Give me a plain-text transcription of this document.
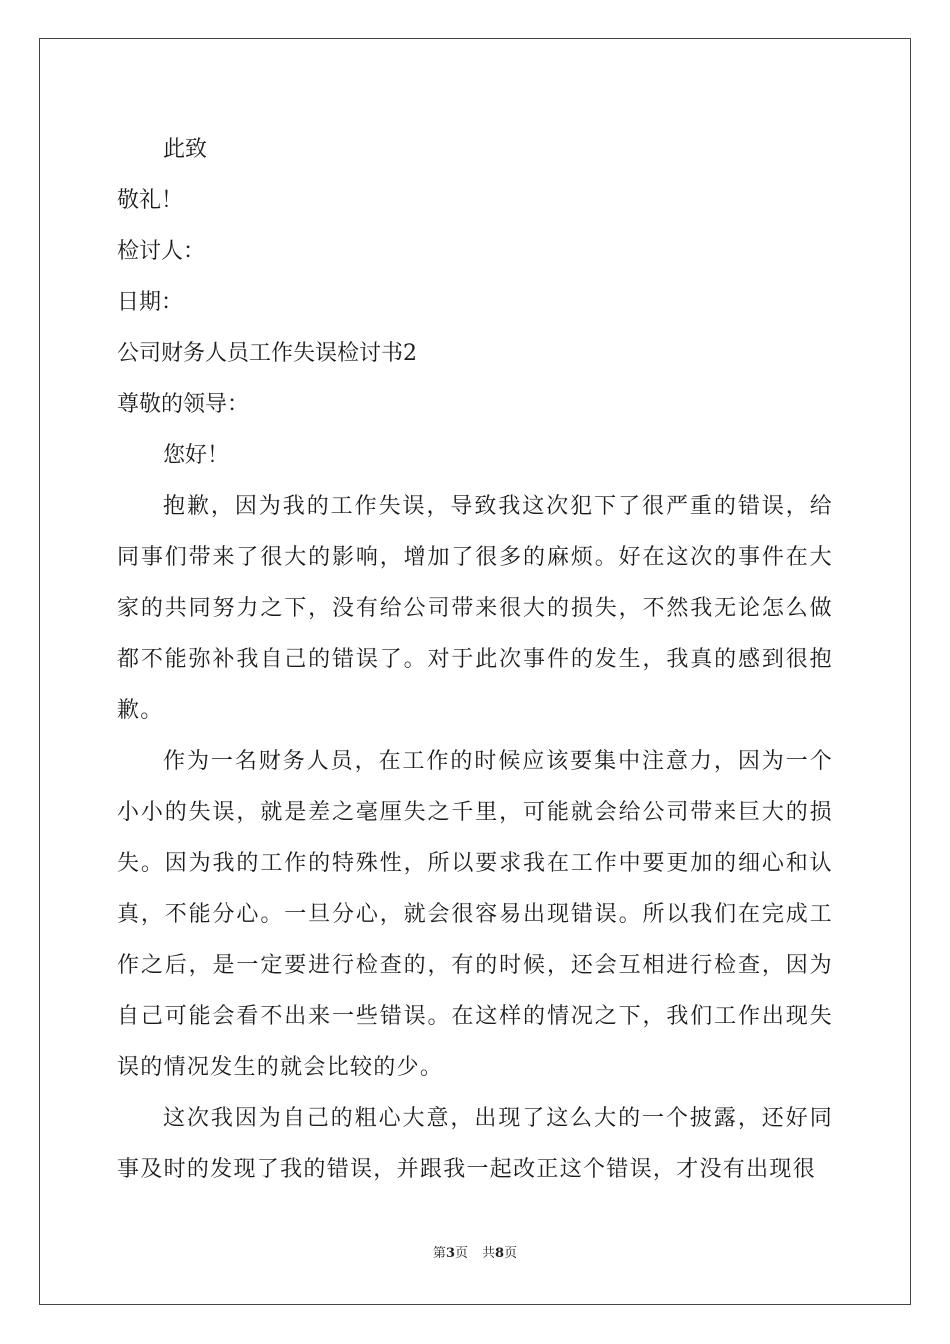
此致

敬礼！

检讨人：

日期：

公司财务人员工作失误检讨书2

尊敬的领导：

您好！

抱歉，因为我的工作失误，导致我这次犯下了很严重的错误，给同事们带来了很大的影响，增加了很多的麻烦。好在这次的事件在大家的共同努力之下，没有给公司带来很大的损失，不然我无论怎么做都不能弥补我自己的错误了。对于此次事件的发生，我真的感到很抱歉。

作为一名财务人员，在工作的时候应该要集中注意力，因为一个小小的失误，就是差之毫厘失之千里，可能就会给公司带来巨大的损失。因为我的工作的特殊性，所以要求我在工作中要更加的细心和认真，不能分心。一旦分心，就会很容易出现错误。所以我们在完成工作之后，是一定要进行检查的，有的时候，还会互相进行检查，因为自己可能会看不出来一些错误。在这样的情况之下，我们工作出现失误的情况发生的就会比较的少。

这次我因为自己的粗心大意，出现了这么大的一个披露，还好同事及时的发现了我的错误，并跟我一起改正这个错误，才没有出现很

第3页 共8页
